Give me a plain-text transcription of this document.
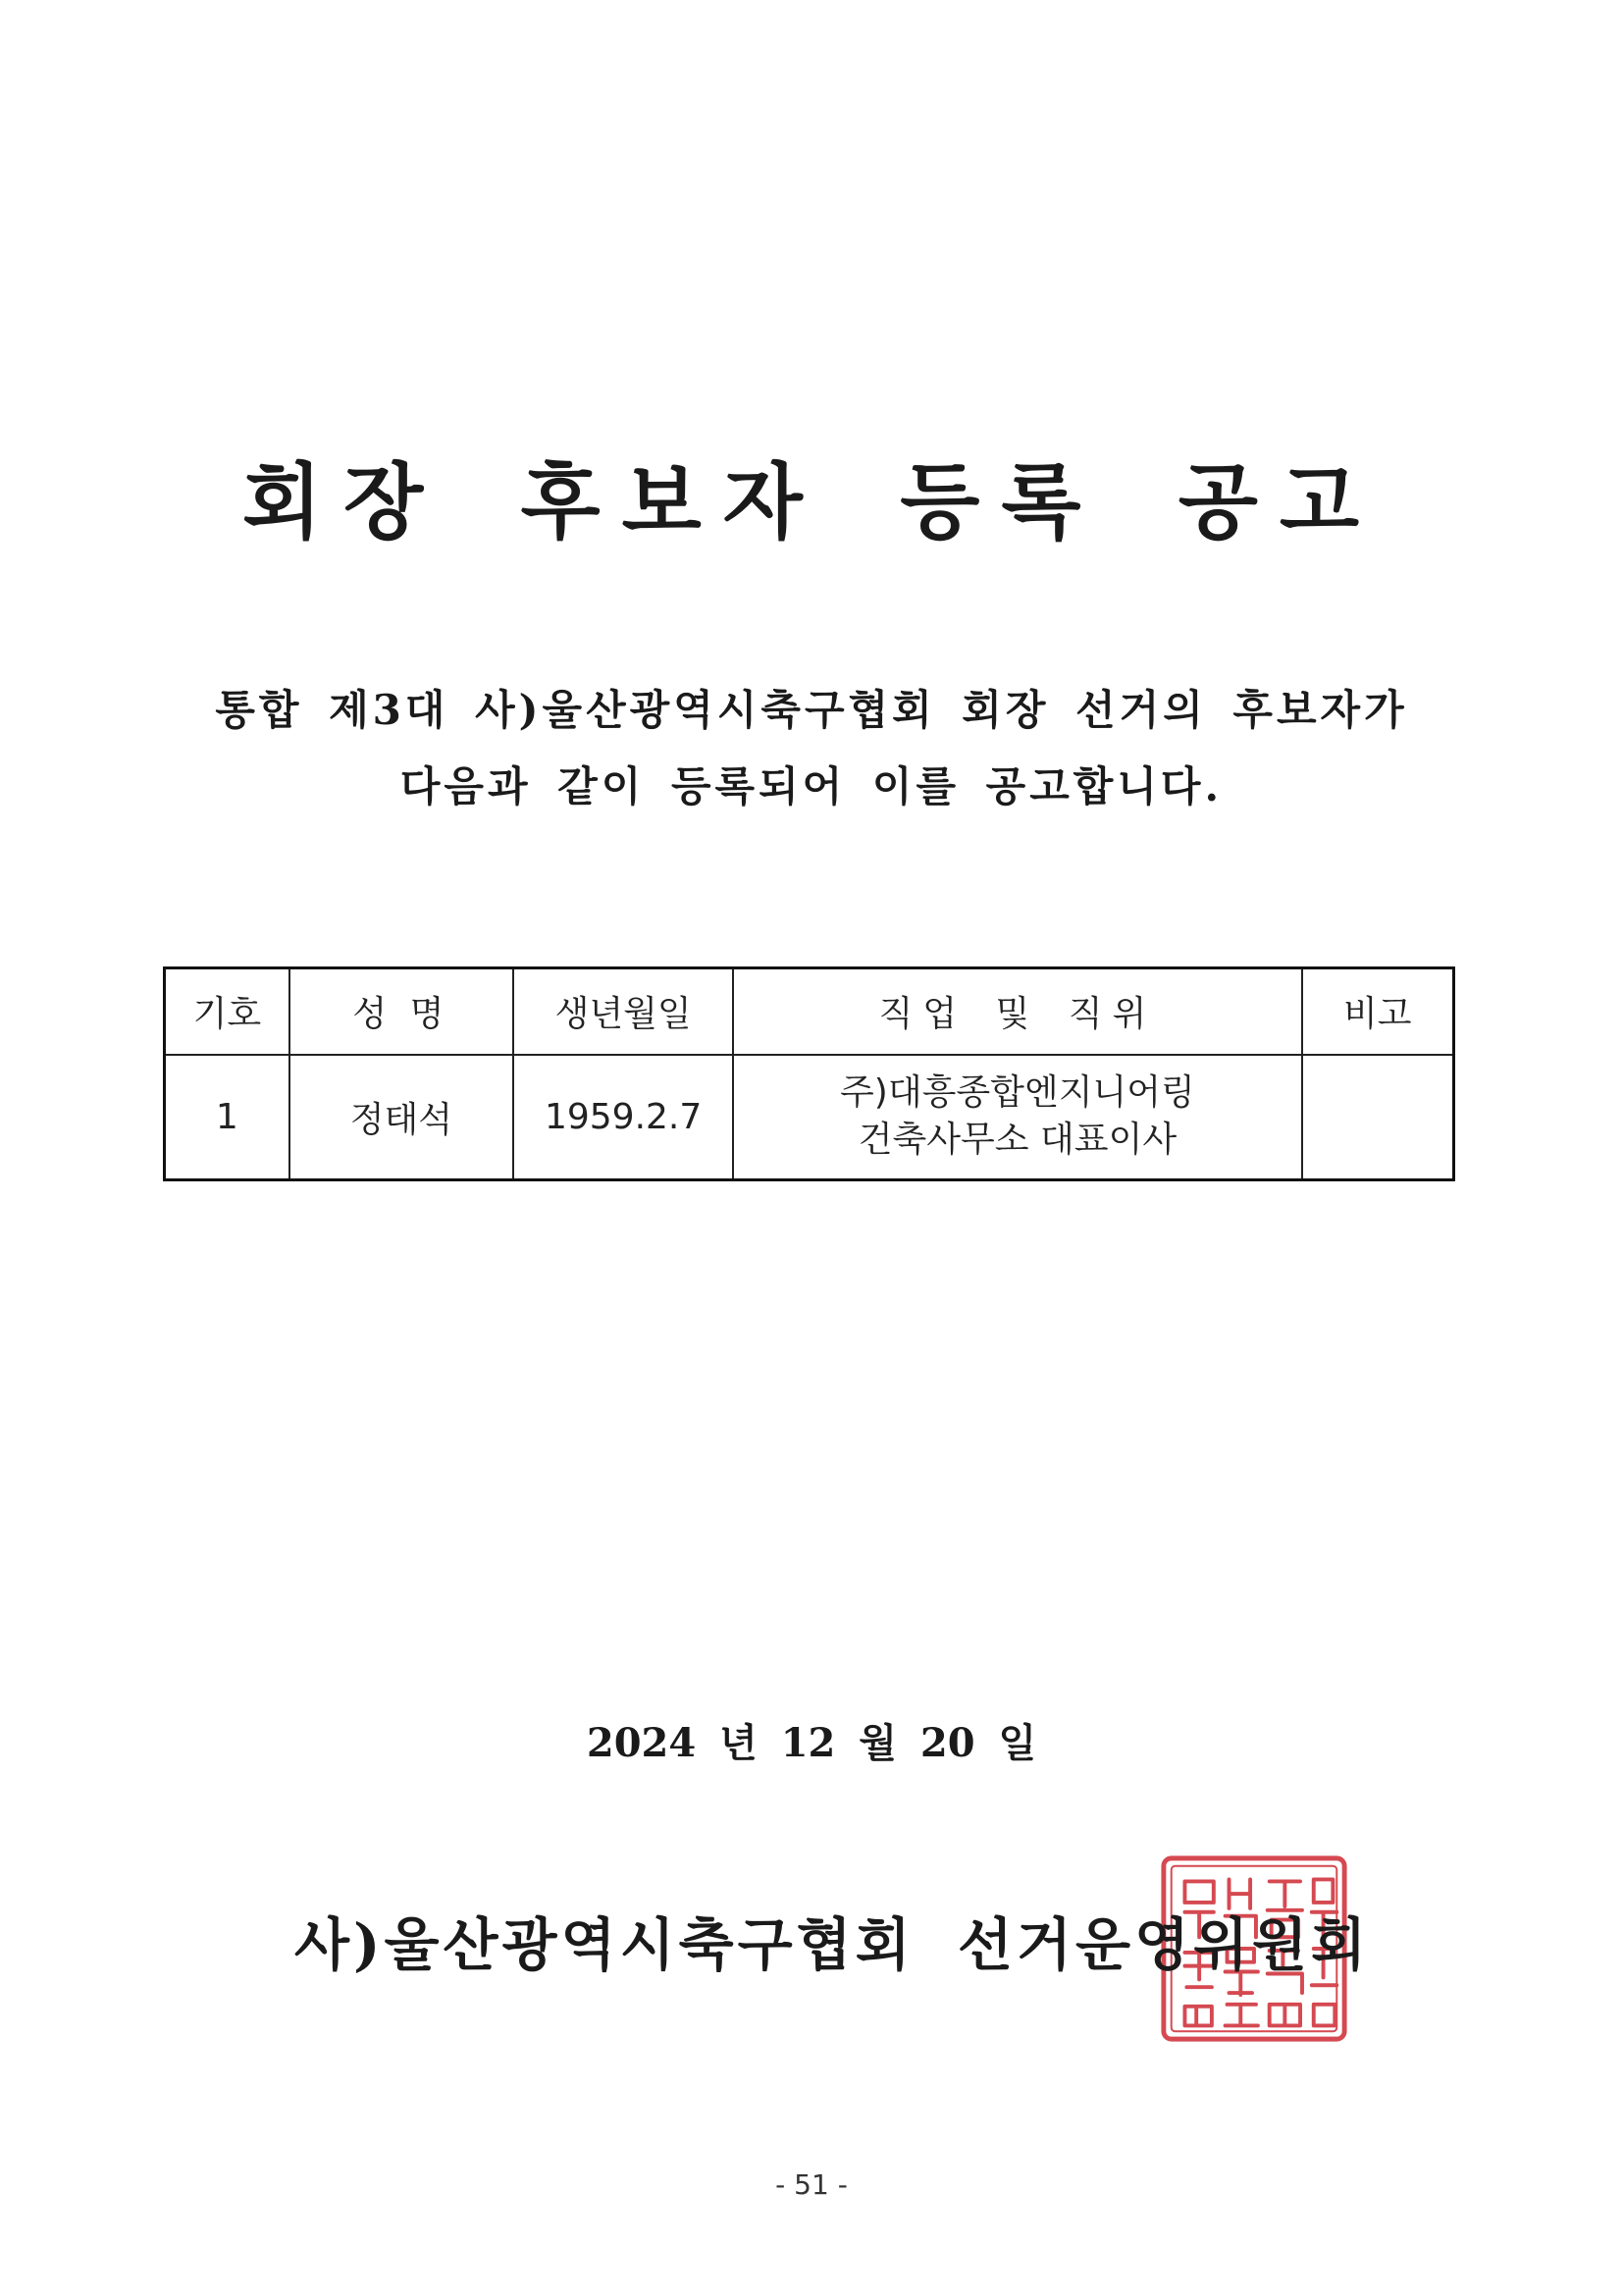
회장 후보자 등록 공고
통합 제3대 사)울산광역시축구협회 회장 선거의 후보자가
다음과 같이 등록되어 이를 공고합니다.
기호	성 명	생년월일	직업 및 직위	비고
1	정태석	1959.2.7	주)대흥종합엔지니어링
건축사무소 대표이사	

2024 년 12 월 20 일
사)울산광역시축구협회 선거운영위원회
- 51 -
